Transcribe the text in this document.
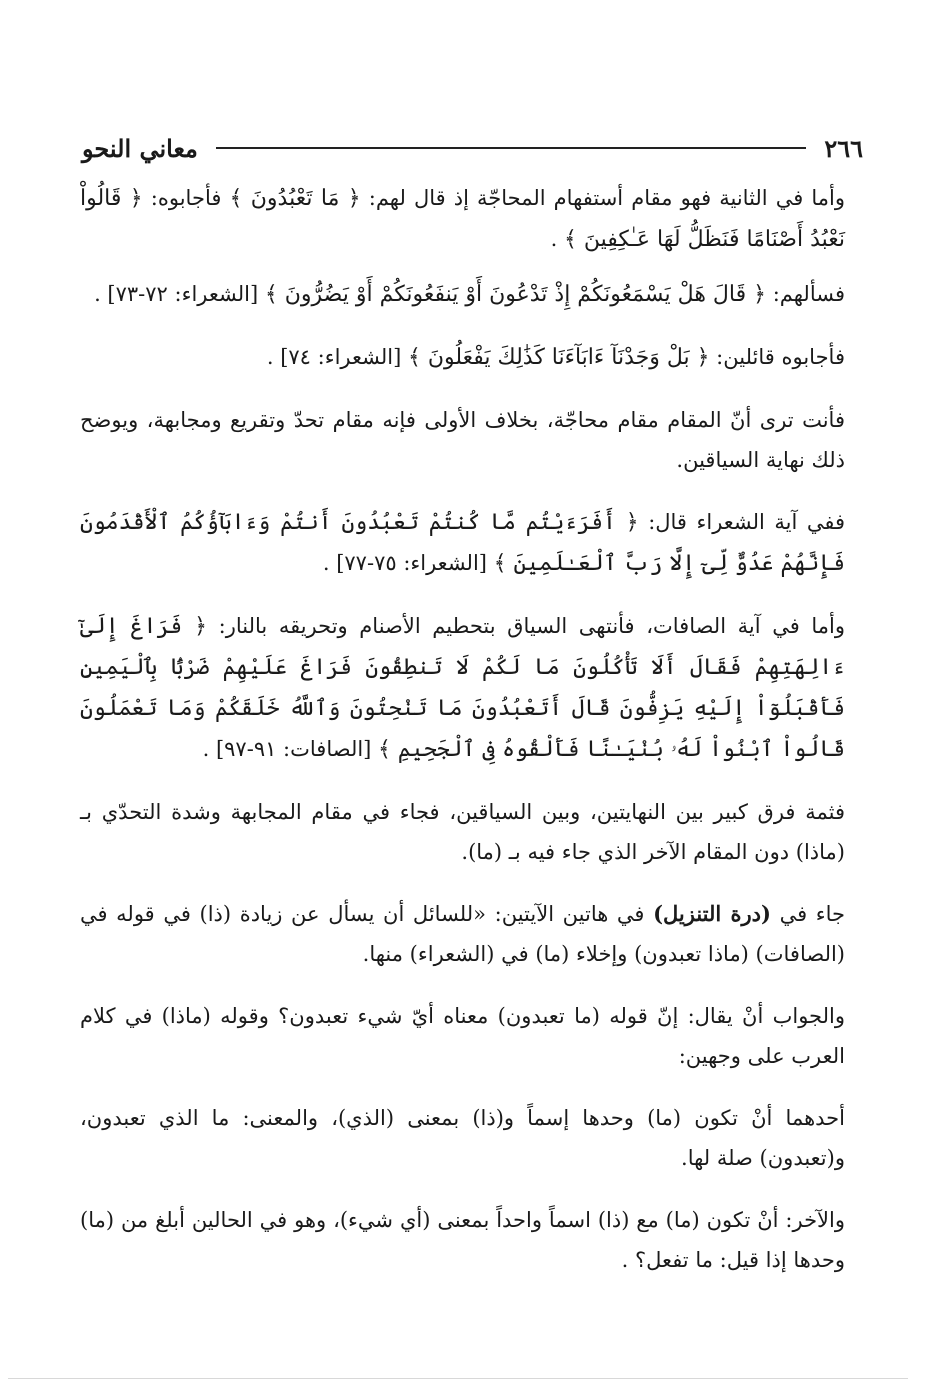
٢٦٦
معاني النحو

وأما في الثانية فهو مقام أستفهام المحاجّة إذ قال لهم: ﴿ مَا تَعْبُدُونَ ﴾ فأجابوه: ﴿ قَالُواْ نَعْبُدُ أَصْنَامًا فَنَظَلُّ لَهَا عَـٰكِفِينَ ﴾ .

فسألهم: ﴿ قَالَ هَلْ يَسْمَعُونَكُمْ إِذْ تَدْعُونَ أَوْ يَنفَعُونَكُمْ أَوْ يَضُرُّونَ ﴾ [الشعراء: ٧٢-٧٣] .

فأجابوه قائلين: ﴿ بَلْ وَجَدْنَآ ءَابَآءَنَا كَذَٰلِكَ يَفْعَلُونَ ﴾ [الشعراء: ٧٤] .

فأنت ترى أنّ المقام مقام محاجّة، بخلاف الأولى فإنه مقام تحدّ وتقريع ومجابهة، ويوضح ذلك نهاية السياقين.

ففي آية الشعراء قال: ﴿ أَفَرَءَيْتُم مَّا كُنتُمْ تَعْبُدُونَ أَنتُمْ وَءَابَآؤُكُمُ ٱلْأَقْدَمُونَ فَإِنَّهُمْ عَدُوٌّ لِّىٓ إِلَّا رَبَّ ٱلْعَـٰلَمِينَ ﴾ [الشعراء: ٧٥-٧٧] .

وأما في آية الصافات، فأنتهى السياق بتحطيم الأصنام وتحريقه بالنار: ﴿ فَرَاغَ إِلَىٰٓ ءَالِهَتِهِمْ فَقَالَ أَلَا تَأْكُلُونَ مَا لَكُمْ لَا تَنطِقُونَ فَرَاغَ عَلَيْهِمْ ضَرْبًۢا بِٱلْيَمِينِ فَأَقْبَلُوٓاْ إِلَيْهِ يَزِفُّونَ قَالَ أَتَعْبُدُونَ مَا تَنْحِتُونَ وَٱللَّهُ خَلَقَكُمْ وَمَا تَعْمَلُونَ قَالُواْ ٱبْنُواْ لَهُۥ بُنْيَـٰنًا فَأَلْقُوهُ فِى ٱلْجَحِيمِ ﴾ [الصافات: ٩١-٩٧] .

فثمة فرق كبير بين النهايتين، وبين السياقين، فجاء في مقام المجابهة وشدة التحدّي بـ (ماذا) دون المقام الآخر الذي جاء فيه بـ (ما).

جاء في (درة التنزيل) في هاتين الآيتين: «للسائل أن يسأل عن زيادة (ذا) في قوله في (الصافات) (ماذا تعبدون) وإخلاء (ما) في (الشعراء) منها.

والجواب أنْ يقال: إنّ قوله (ما تعبدون) معناه أيّ شيء تعبدون؟ وقوله (ماذا) في كلام العرب على وجهين:

أحدهما أنْ تكون (ما) وحدها إسماً و(ذا) بمعنى (الذي)، والمعنى: ما الذي تعبدون، و(تعبدون) صلة لها.

والآخر: أنْ تكون (ما) مع (ذا) اسماً واحداً بمعنى (أي شيء)، وهو في الحالين أبلغ من (ما) وحدها إذا قيل: ما تفعل؟ .
